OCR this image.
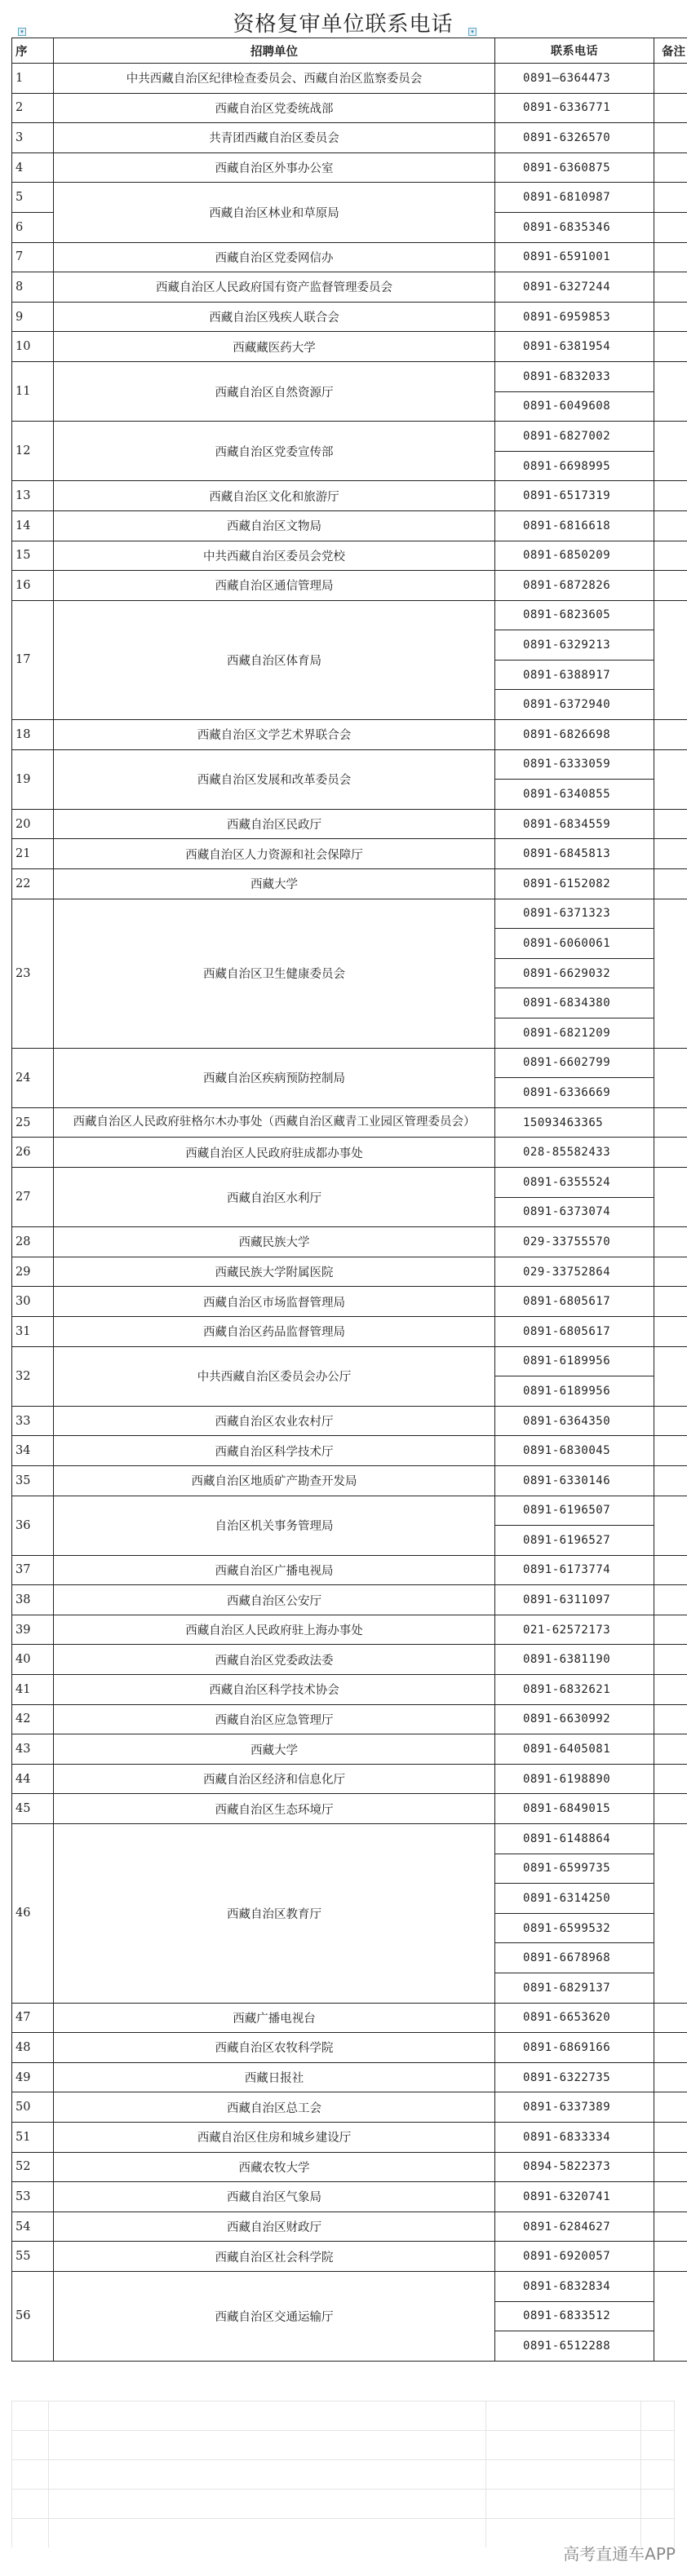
▾	资格复审单位联系电话	▾
序	招聘单位	联系电话	备注
1	中共西藏自治区纪律检查委员会、西藏自治区监察委员会	0891—6364473	
2	西藏自治区党委统战部	0891-6336771	
3	共青团西藏自治区委员会	0891-6326570	
4	西藏自治区外事办公室	0891-6360875	
5	西藏自治区林业和草原局	0891-6810987	
6		0891-6835346	
7	西藏自治区党委网信办	0891-6591001	
8	西藏自治区人民政府国有资产监督管理委员会	0891-6327244	
9	西藏自治区残疾人联合会	0891-6959853	
10	西藏藏医药大学	0891-6381954	
11	西藏自治区自然资源厅	0891-6832033	
		0891-6049608	
12	西藏自治区党委宣传部	0891-6827002	
		0891-6698995	
13	西藏自治区文化和旅游厅	0891-6517319	
14	西藏自治区文物局	0891-6816618	
15	中共西藏自治区委员会党校	0891-6850209	
16	西藏自治区通信管理局	0891-6872826	
17	西藏自治区体育局	0891-6823605	
		0891-6329213	
		0891-6388917	
		0891-6372940	
18	西藏自治区文学艺术界联合会	0891-6826698	
19	西藏自治区发展和改革委员会	0891-6333059	
		0891-6340855	
20	西藏自治区民政厅	0891-6834559	
21	西藏自治区人力资源和社会保障厅	0891-6845813	
22	西藏大学	0891-6152082	
23	西藏自治区卫生健康委员会	0891-6371323	
		0891-6060061	
		0891-6629032	
		0891-6834380	
		0891-6821209	
24	西藏自治区疾病预防控制局	0891-6602799	
		0891-6336669	
25	西藏自治区人民政府驻格尔木办事处（西藏自治区藏青工业园区管理委员会）	15093463365	
26	西藏自治区人民政府驻成都办事处	028-85582433	
27	西藏自治区水利厅	0891-6355524	
		0891-6373074	
28	西藏民族大学	029-33755570	
29	西藏民族大学附属医院	029-33752864	
30	西藏自治区市场监督管理局	0891-6805617	
31	西藏自治区药品监督管理局	0891-6805617	
32	中共西藏自治区委员会办公厅	0891-6189956	
		0891-6189956	
33	西藏自治区农业农村厅	0891-6364350	
34	西藏自治区科学技术厅	0891-6830045	
35	西藏自治区地质矿产勘查开发局	0891-6330146	
36	自治区机关事务管理局	0891-6196507	
		0891-6196527	
37	西藏自治区广播电视局	0891-6173774	
38	西藏自治区公安厅	0891-6311097	
39	西藏自治区人民政府驻上海办事处	021-62572173	
40	西藏自治区党委政法委	0891-6381190	
41	西藏自治区科学技术协会	0891-6832621	
42	西藏自治区应急管理厅	0891-6630992	
43	西藏大学	0891-6405081	
44	西藏自治区经济和信息化厅	0891-6198890	
45	西藏自治区生态环境厅	0891-6849015	
46	西藏自治区教育厅	0891-6148864	
		0891-6599735	
		0891-6314250	
		0891-6599532	
		0891-6678968	
		0891-6829137	
47	西藏广播电视台	0891-6653620	
48	西藏自治区农牧科学院	0891-6869166	
49	西藏日报社	0891-6322735	
50	西藏自治区总工会	0891-6337389	
51	西藏自治区住房和城乡建设厅	0891-6833334	
52	西藏农牧大学	0894-5822373	
53	西藏自治区气象局	0891-6320741	
54	西藏自治区财政厅	0891-6284627	
55	西藏自治区社会科学院	0891-6920057	
56	西藏自治区交通运输厅	0891-6832834	
		0891-6833512	
		0891-6512288	
高考直通车APP
